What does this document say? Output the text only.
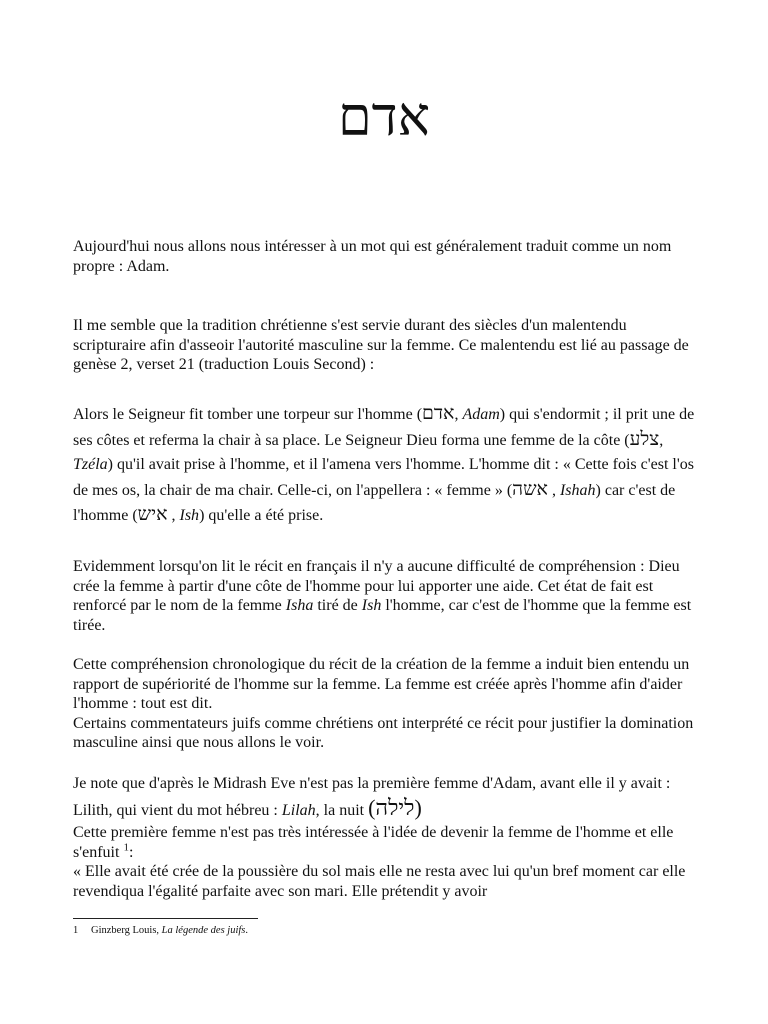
אדם

Aujourd'hui nous allons nous intéresser à un mot qui est généralement traduit comme un nom propre : Adam.

Il me semble que la tradition chrétienne s'est servie durant des siècles d'un malentendu scripturaire afin d'asseoir l'autorité masculine sur la femme. Ce malentendu est lié au passage de genèse 2, verset 21 (traduction Louis Second) :

Alors le Seigneur fit tomber une torpeur sur l'homme (אדם, Adam) qui s'endormit ; il prit une de ses côtes et referma la chair à sa place. Le Seigneur Dieu forma une femme de la côte (צלע, Tzéla) qu'il avait prise à l'homme, et il l'amena vers l'homme. L'homme dit : « Cette fois c'est l'os de mes os, la chair de ma chair. Celle-ci, on l'appellera : « femme » (אשה , Ishah) car c'est de l'homme (איש , Ish) qu'elle a été prise.

Evidemment lorsqu'on lit le récit en français il n'y a aucune difficulté de compréhension : Dieu crée la femme à partir d'une côte de l'homme pour lui apporter une aide. Cet état de fait est renforcé par le nom de la femme Isha tiré de Ish l'homme, car c'est de l'homme que la femme est tirée.

Cette compréhension chronologique du récit de la création de la femme a induit bien entendu un rapport de supériorité de l'homme sur la femme. La femme est créée après l'homme afin d'aider l'homme : tout est dit.

Certains commentateurs juifs comme chrétiens ont interprété ce récit pour justifier la domination masculine ainsi que nous allons le voir.

Je note que d'après le Midrash Eve n'est pas la première femme d'Adam, avant elle il y avait : Lilith, qui vient du mot hébreu : Lilah, la nuit (לילה)

Cette première femme n'est pas très intéressée à l'idée de devenir la femme de l'homme et elle s'enfuit $^1$:

« Elle avait été crée de la poussière du sol mais elle ne resta avec lui qu'un bref moment car elle revendiqua l'égalité parfaite avec son mari. Elle prétendit y avoir

1 Ginzberg Louis, La légende des juifs.
